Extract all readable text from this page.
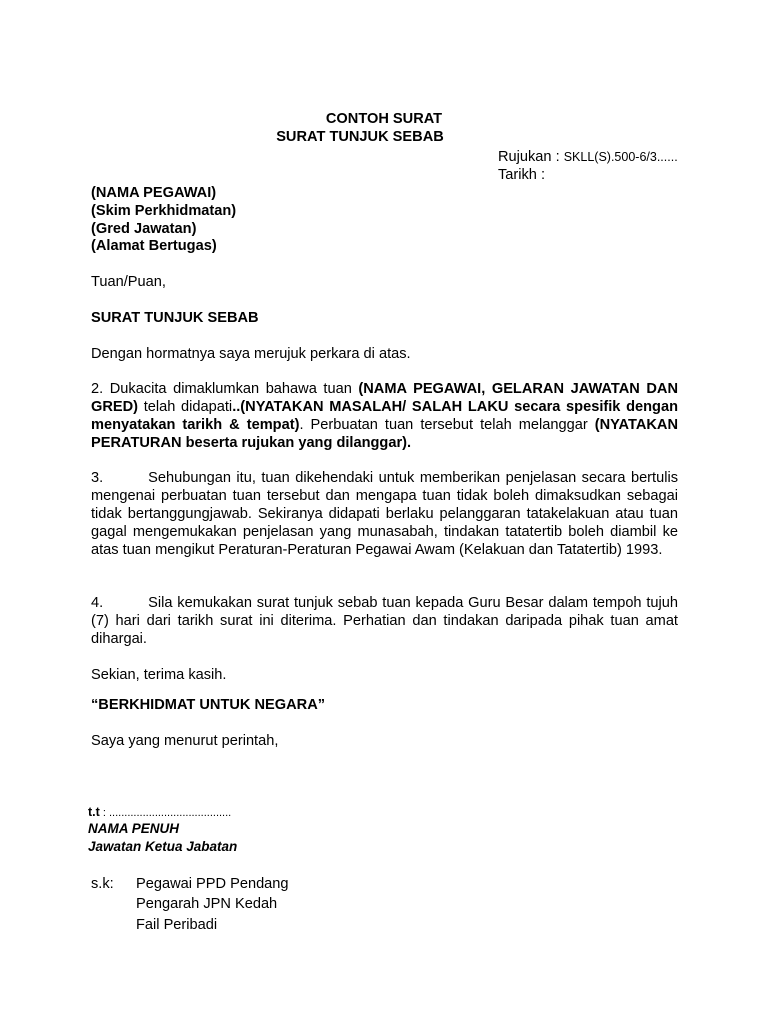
CONTOH SURAT
SURAT TUNJUK SEBAB
Rujukan : SKLL(S).500-6/3......
Tarikh :
(NAMA PEGAWAI)
(Skim Perkhidmatan)
(Gred Jawatan)
(Alamat Bertugas)
Tuan/Puan,
SURAT TUNJUK SEBAB
Dengan hormatnya saya merujuk perkara di atas.
2. Dukacita dimaklumkan bahawa tuan (NAMA PEGAWAI, GELARAN JAWATAN DAN GRED) telah didapati..(NYATAKAN MASALAH/ SALAH LAKU secara spesifik dengan menyatakan tarikh & tempat). Perbuatan tuan tersebut telah melanggar (NYATAKAN PERATURAN beserta rujukan yang dilanggar).
3.	Sehubungan itu, tuan dikehendaki untuk memberikan penjelasan secara bertulis mengenai perbuatan tuan tersebut dan mengapa tuan tidak boleh dimaksudkan sebagai tidak bertanggungjawab. Sekiranya didapati berlaku pelanggaran tatakelakuan atau tuan gagal mengemukakan penjelasan yang munasabah, tindakan tatatertib boleh diambil ke atas tuan mengikut Peraturan-Peraturan Pegawai Awam (Kelakuan dan Tatatertib) 1993.
4.	Sila kemukakan surat tunjuk sebab tuan kepada Guru Besar dalam tempoh tujuh (7) hari dari tarikh surat ini diterima. Perhatian dan tindakan daripada pihak tuan amat dihargai.
Sekian, terima kasih.
“BERKHIDMAT UNTUK NEGARA”
Saya yang menurut perintah,
t.t : ........................................
NAMA PENUH
Jawatan Ketua Jabatan
s.k: Pegawai PPD Pendang
Pengarah JPN Kedah
Fail Peribadi
